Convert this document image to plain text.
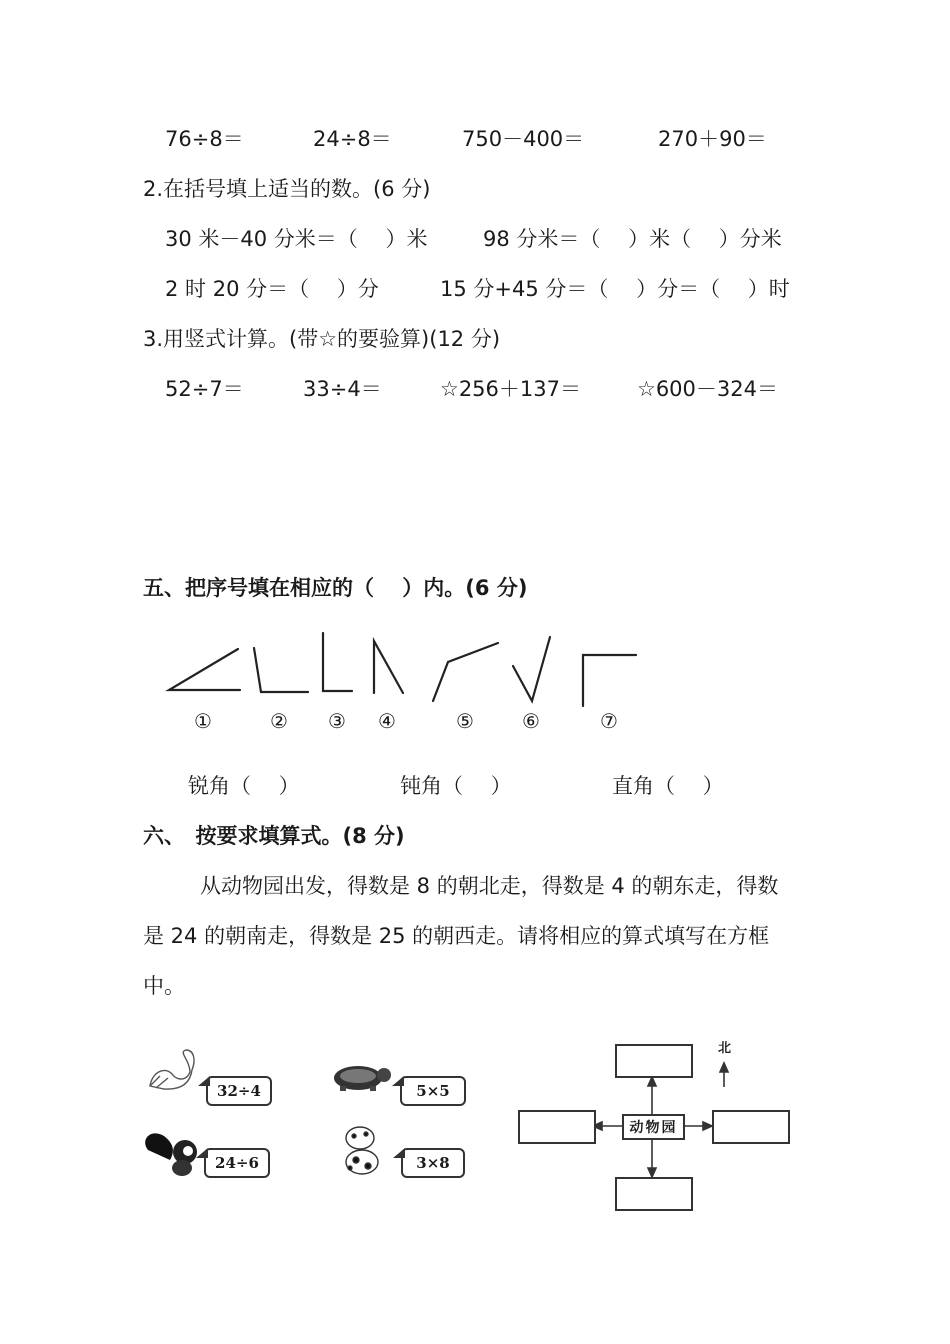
76÷8＝	24÷8＝	750－400＝	270＋90＝
2.在括号填上适当的数。(6 分)
30 米－40 分米＝（　 ）米	98 分米＝（　 ）米（　 ）分米
2 时 20 分＝（　 ）分	15 分+45 分＝（　 ）分＝（　 ）时
3.用竖式计算。(带☆的要验算)(12 分)
52÷7＝	33÷4＝	☆256＋137＝	☆600－324＝
五、把序号填在相应的（　 ）内。(6 分)
①	② ③ ④	⑤ ⑥	⑦
锐角（　 ）	钝角（　 ）	直角（　 ）
六、　按要求填算式。(8 分)
从动物园出发，得数是 8 的朝北走，得数是 4 的朝东走，得数
是 24 的朝南走，得数是 25 的朝西走。请将相应的算式填写在方框
中。
32÷4	5×5
24÷6	3×8
动物园
北
